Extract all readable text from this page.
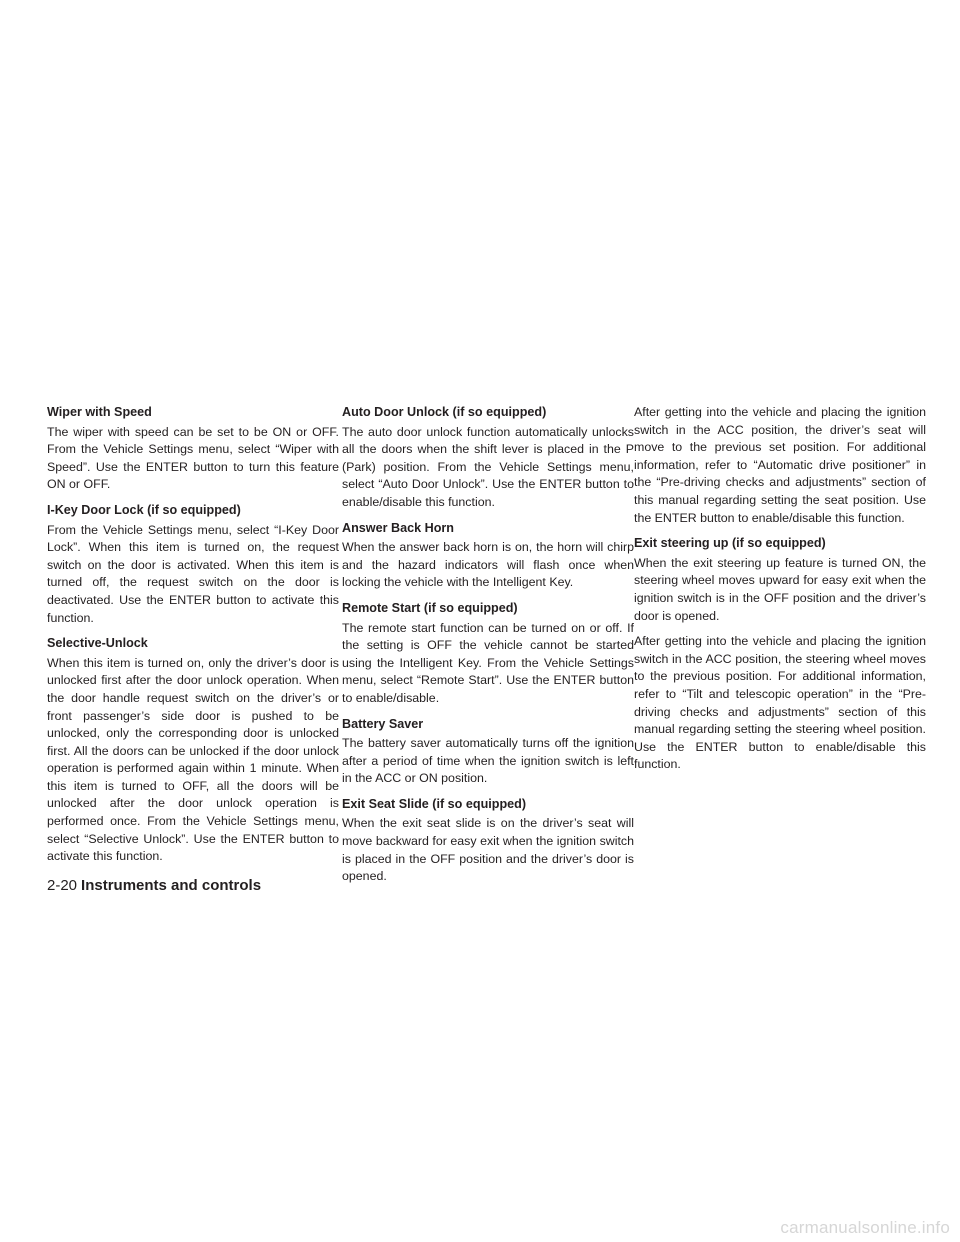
Wiper with Speed

The wiper with speed can be set to be ON or OFF. From the Vehicle Settings menu, select “Wiper with Speed”. Use the ENTER button to turn this feature ON or OFF.

I-Key Door Lock (if so equipped)

From the Vehicle Settings menu, select “I-Key Door Lock”. When this item is turned on, the request switch on the door is activated. When this item is turned off, the request switch on the door is deactivated. Use the ENTER button to activate this function.

Selective-Unlock

When this item is turned on, only the driver’s door is unlocked first after the door unlock operation. When the door handle request switch on the driver’s or front passenger’s side door is pushed to be unlocked, only the corresponding door is unlocked first. All the doors can be unlocked if the door unlock operation is performed again within 1 minute. When this item is turned to OFF, all the doors will be unlocked after the door unlock operation is performed once. From the Vehicle Settings menu, select “Selective Unlock”. Use the ENTER button to activate this function.

Auto Door Unlock (if so equipped)

The auto door unlock function automatically unlocks all the doors when the shift lever is placed in the P (Park) position. From the Vehicle Settings menu, select “Auto Door Unlock”. Use the ENTER button to enable/disable this function.

Answer Back Horn

When the answer back horn is on, the horn will chirp and the hazard indicators will flash once when locking the vehicle with the Intelligent Key.

Remote Start (if so equipped)

The remote start function can be turned on or off. If the setting is OFF the vehicle cannot be started using the Intelligent Key. From the Vehicle Settings menu, select “Remote Start”. Use the ENTER button to enable/disable.

Battery Saver

The battery saver automatically turns off the ignition after a period of time when the ignition switch is left in the ACC or ON position.

Exit Seat Slide (if so equipped)

When the exit seat slide is on the driver’s seat will move backward for easy exit when the ignition switch is placed in the OFF position and the driver’s door is opened.

After getting into the vehicle and placing the ignition switch in the ACC position, the driver’s seat will move to the previous set position. For additional information, refer to “Automatic drive positioner” in the “Pre-driving checks and adjustments” section of this manual regarding setting the seat position. Use the ENTER button to enable/disable this function.

Exit steering up (if so equipped)

When the exit steering up feature is turned ON, the steering wheel moves upward for easy exit when the ignition switch is in the OFF position and the driver’s door is opened.

After getting into the vehicle and placing the ignition switch in the ACC position, the steering wheel moves to the previous position. For additional information, refer to “Tilt and telescopic operation” in the “Pre-driving checks and adjustments” section of this manual regarding setting the steering wheel position. Use the ENTER button to enable/disable this function.

2-20 Instruments and controls
carmanualsonline.info
